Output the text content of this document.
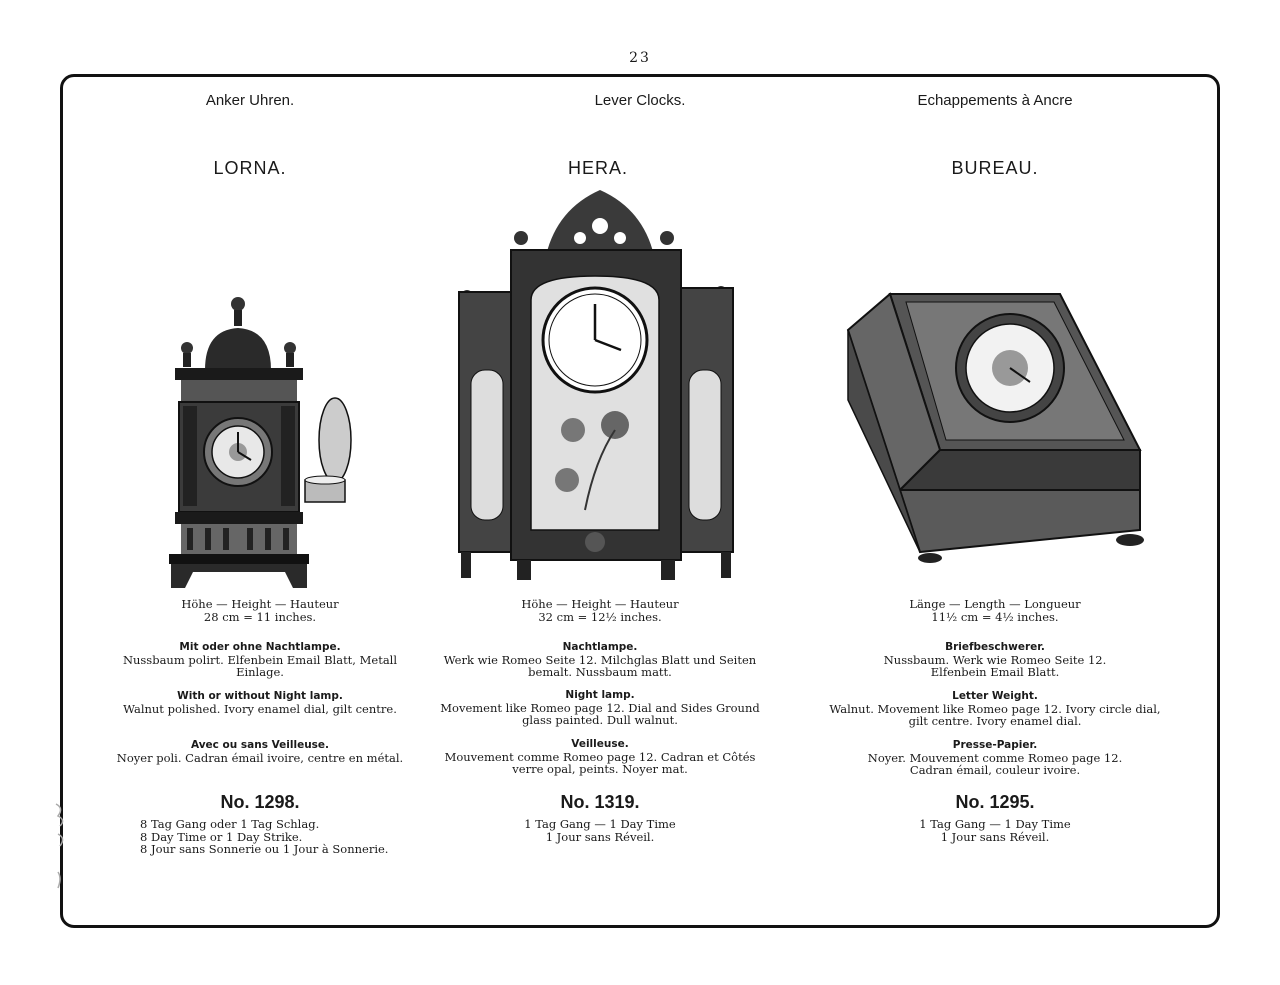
23
Anker Uhren.
LORNA.
Höhe — Height — Hauteur
28 cm = 11 inches.
Mit oder ohne Nachtlampe.
Nussbaum polirt. Elfenbein Email Blatt, Metall Einlage.
With or without Night lamp.
Walnut polished. Ivory enamel dial, gilt centre.
Avec ou sans Veilleuse.
Noyer poli. Cadran émail ivoire, centre en métal.
No. 1298.
8 Tag Gang oder 1 Tag Schlag.
8 Day Time or 1 Day Strike.
8 Jour sans Sonnerie ou 1 Jour à Sonnerie.
Lever Clocks.
HERA.
Höhe — Height — Hauteur
32 cm = 12½ inches.
Nachtlampe.
Werk wie Romeo Seite 12. Milchglas Blatt und Seiten bemalt. Nussbaum matt.
Night lamp.
Movement like Romeo page 12. Dial and Sides Ground glass painted. Dull walnut.
Veilleuse.
Mouvement comme Romeo page 12. Cadran et Côtés verre opal, peints. Noyer mat.
No. 1319.
1 Tag Gang — 1 Day Time
1 Jour sans Réveil.
Echappements à Ancre
BUREAU.
Länge — Length — Longueur
11½ cm = 4½ inches.
Briefbeschwerer.
Nussbaum. Werk wie Romeo Seite 12. Elfenbein Email Blatt.
Letter Weight.
Walnut. Movement like Romeo page 12. Ivory circle dial, gilt centre. Ivory enamel dial.
Presse-Papier.
Noyer. Mouvement comme Romeo page 12. Cadran émail, couleur ivoire.
No. 1295.
1 Tag Gang — 1 Day Time
1 Jour sans Réveil.
